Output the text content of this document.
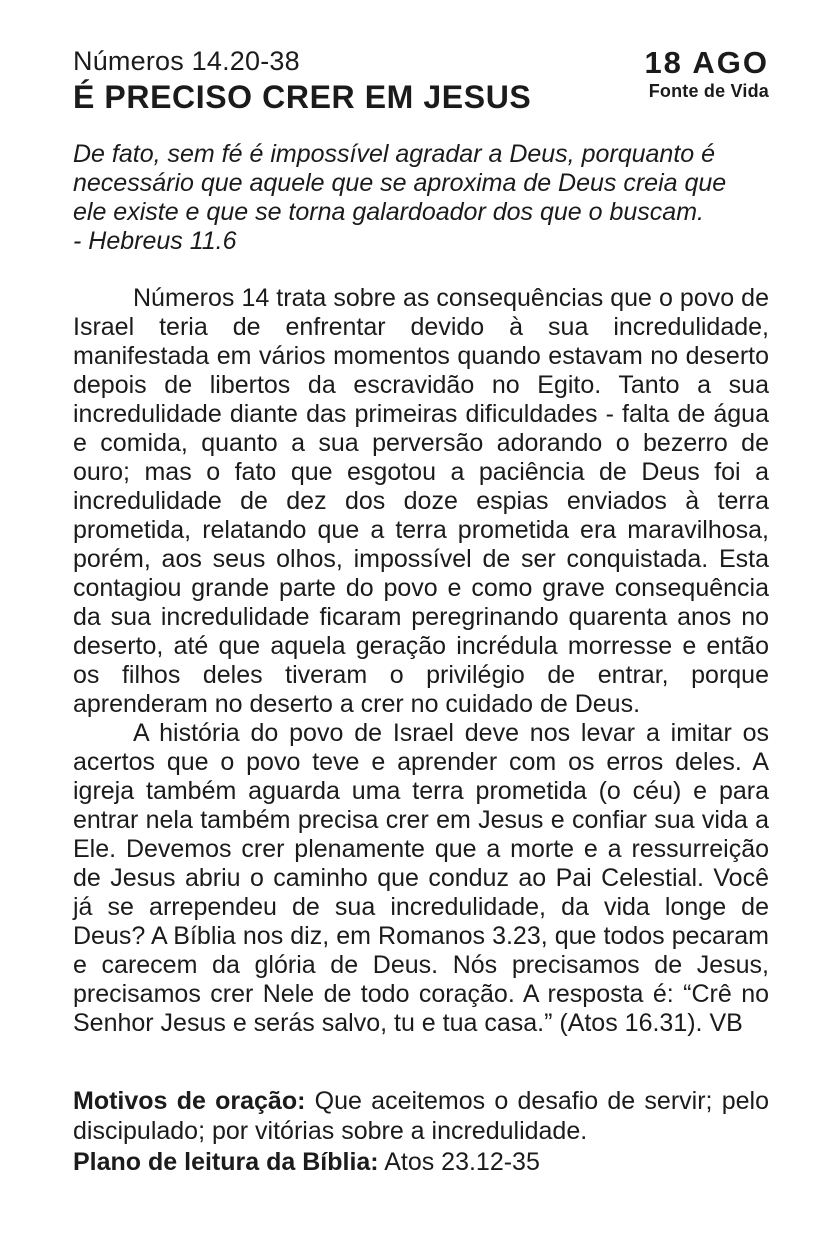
Números 14.20-38
É PRECISO CRER EM JESUS
18 AGO
Fonte de Vida
De fato, sem fé é impossível agradar a Deus, porquanto é necessário que aquele que se aproxima de Deus creia que ele existe e que se torna galardoador dos que o buscam.
- Hebreus 11.6

Números 14 trata sobre as consequências que o povo de Israel teria de enfrentar devido à sua incredulidade, manifestada em vários momentos quando estavam no deserto depois de libertos da escravidão no Egito. Tanto a sua incredulidade diante das primeiras dificuldades - falta de água e comida, quanto a sua perversão adorando o bezerro de ouro; mas o fato que esgotou a paciência de Deus foi a incredulidade de dez dos doze espias enviados à terra prometida, relatando que a terra prometida era maravilhosa, porém, aos seus olhos, impossível de ser conquistada. Esta contagiou grande parte do povo e como grave consequência da sua incredulidade ficaram peregrinando quarenta anos no deserto, até que aquela geração incrédula morresse e então os filhos deles tiveram o privilégio de entrar, porque aprenderam no deserto a crer no cuidado de Deus.

A história do povo de Israel deve nos levar a imitar os acertos que o povo teve e aprender com os erros deles. A igreja também aguarda uma terra prometida (o céu) e para entrar nela também precisa crer em Jesus e confiar sua vida a Ele. Devemos crer plenamente que a morte e a ressurreição de Jesus abriu o caminho que conduz ao Pai Celestial. Você já se arrependeu de sua incredulidade, da vida longe de Deus? A Bíblia nos diz, em Romanos 3.23, que todos pecaram e carecem da glória de Deus. Nós precisamos de Jesus, precisamos crer Nele de todo coração. A resposta é: “Crê no Senhor Jesus e serás salvo, tu e tua casa.” (Atos 16.31). VB

Motivos de oração: Que aceitemos o desafio de servir; pelo discipulado; por vitórias sobre a incredulidade.
Plano de leitura da Bíblia: Atos 23.12-35
